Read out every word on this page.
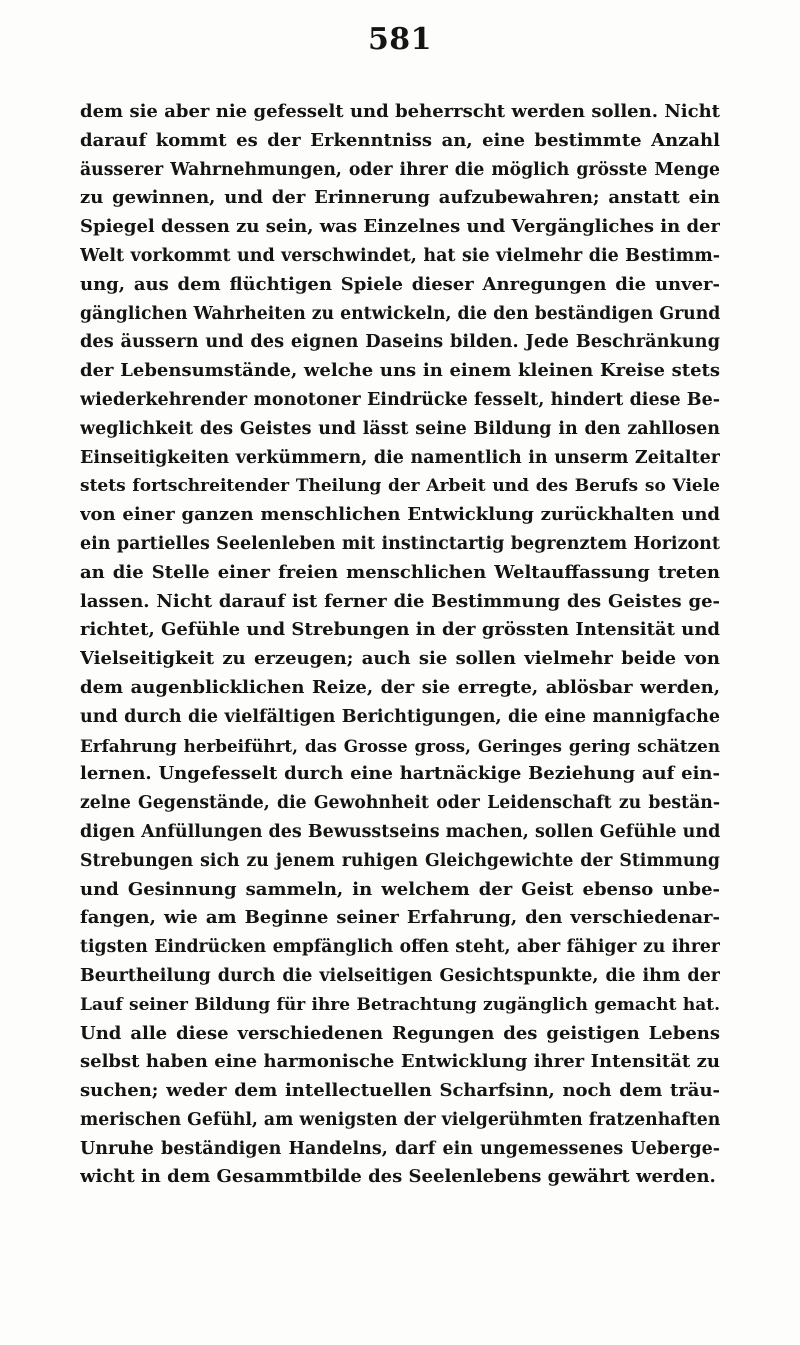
581
dem sie aber nie gefesselt und beherrscht werden sollen. Nicht
darauf kommt es der Erkenntniss an, eine bestimmte Anzahl
äusserer Wahrnehmungen, oder ihrer die möglich grösste Menge
zu gewinnen, und der Erinnerung aufzubewahren; anstatt ein
Spiegel dessen zu sein, was Einzelnes und Vergängliches in der
Welt vorkommt und verschwindet, hat sie vielmehr die Bestimm-
ung, aus dem flüchtigen Spiele dieser Anregungen die unver-
gänglichen Wahrheiten zu entwickeln, die den beständigen Grund
des äussern und des eignen Daseins bilden. Jede Beschränkung
der Lebensumstände, welche uns in einem kleinen Kreise stets
wiederkehrender monotoner Eindrücke fesselt, hindert diese Be-
weglichkeit des Geistes und lässt seine Bildung in den zahllosen
Einseitigkeiten verkümmern, die namentlich in unserm Zeitalter
stets fortschreitender Theilung der Arbeit und des Berufs so Viele
von einer ganzen menschlichen Entwicklung zurückhalten und
ein partielles Seelenleben mit instinctartig begrenztem Horizont
an die Stelle einer freien menschlichen Weltauffassung treten
lassen. Nicht darauf ist ferner die Bestimmung des Geistes ge-
richtet, Gefühle und Strebungen in der grössten Intensität und
Vielseitigkeit zu erzeugen; auch sie sollen vielmehr beide von
dem augenblicklichen Reize, der sie erregte, ablösbar werden,
und durch die vielfältigen Berichtigungen, die eine mannigfache
Erfahrung herbeiführt, das Grosse gross, Geringes gering schätzen
lernen. Ungefesselt durch eine hartnäckige Beziehung auf ein-
zelne Gegenstände, die Gewohnheit oder Leidenschaft zu bestän-
digen Anfüllungen des Bewusstseins machen, sollen Gefühle und
Strebungen sich zu jenem ruhigen Gleichgewichte der Stimmung
und Gesinnung sammeln, in welchem der Geist ebenso unbe-
fangen, wie am Beginne seiner Erfahrung, den verschiedenar-
tigsten Eindrücken empfänglich offen steht, aber fähiger zu ihrer
Beurtheilung durch die vielseitigen Gesichtspunkte, die ihm der
Lauf seiner Bildung für ihre Betrachtung zugänglich gemacht hat.
Und alle diese verschiedenen Regungen des geistigen Lebens
selbst haben eine harmonische Entwicklung ihrer Intensität zu
suchen; weder dem intellectuellen Scharfsinn, noch dem träu-
merischen Gefühl, am wenigsten der vielgerühmten fratzenhaften
Unruhe beständigen Handelns, darf ein ungemessenes Ueberge-
wicht in dem Gesammtbilde des Seelenlebens gewährt werden.
